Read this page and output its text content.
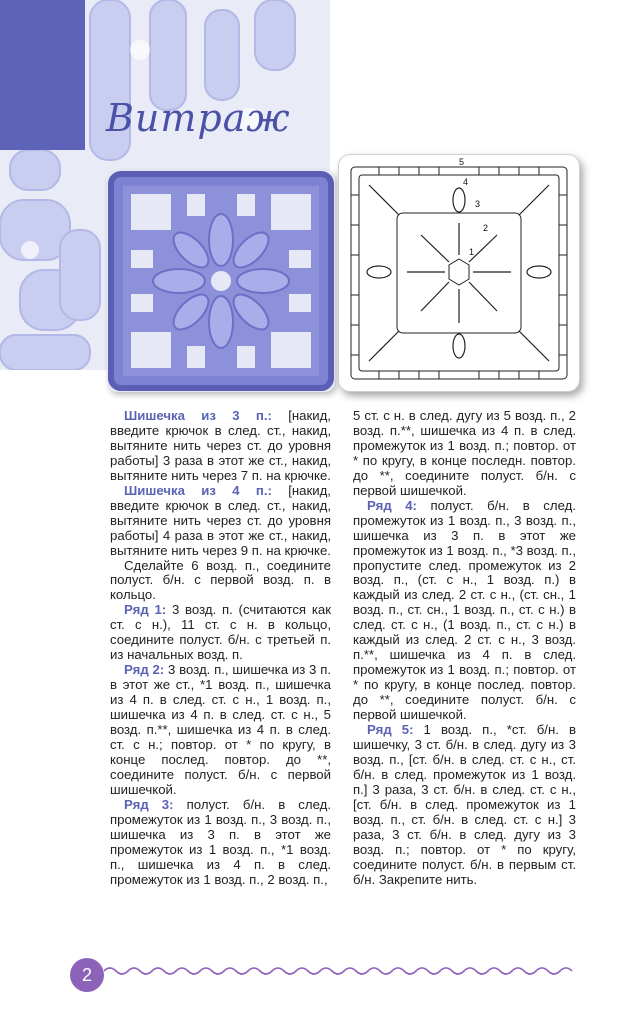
Витраж
5
4
3
2
1

Шишечка из 3 п.: [накид, введите крючок в след. ст., накид, вытяните нить через ст. до уровня работы] 3 раза в этот же ст., накид, вытяните нить через 7 п. на крючке.

Шишечка из 4 п.: [накид, введите крючок в след. ст., накид, вытяните нить через ст. до уровня работы] 4 раза в этот же ст., накид, вытяните нить через 9 п. на крючке.

Сделайте 6 возд. п., соедините полуст. б/н. с первой возд. п. в кольцо.

Ряд 1: 3 возд. п. (считаются как ст. с н.), 11 ст. с н. в кольцо, соедините полуст. б/н. с третьей п. из начальных возд. п.

Ряд 2: 3 возд. п., шишечка из 3 п. в этот же ст., *1 возд. п., шишечка из 4 п. в след. ст. с н., 1 возд. п., шишечка из 4 п. в след. ст. с н., 5 возд. п.**, шишечка из 4 п. в след. ст. с н.; повтор. от * по кругу, в конце послед. повтор. до **, соедините полуст. б/н. с первой шишечкой.

Ряд 3: полуст. б/н. в след. промежуток из 1 возд. п., 3 возд. п., шишечка из 3 п. в этот же промежуток из 1 возд. п., *1 возд. п., шишечка из 4 п. в след. промежуток из 1 возд. п., 2 возд. п.,

5 ст. с н. в след. дугу из 5 возд. п., 2 возд. п.**, шишечка из 4 п. в след. промежуток из 1 возд. п.; повтор. от * по кругу, в конце последн. повтор. до **, соедините полуст. б/н. с первой шишечкой.

Ряд 4: полуст. б/н. в след. промежуток из 1 возд. п., 3 возд. п., шишечка из 3 п. в этот же промежуток из 1 возд. п., *3 возд. п., пропустите след. промежуток из 2 возд. п., (ст. с н., 1 возд. п.) в каждый из след. 2 ст. с н., (ст. сн., 1 возд. п., ст. сн., 1 возд. п., ст. с н.) в след. ст. с н., (1 возд. п., ст. с н.) в каждый из след. 2 ст. с н., 3 возд. п.**, шишечка из 4 п. в след. промежуток из 1 возд. п.; повтор. от * по кругу, в конце послед. повтор. до **, соедините полуст. б/н. с первой шишечкой.

Ряд 5: 1 возд. п., *ст. б/н. в шишечку, 3 ст. б/н. в след. дугу из 3 возд. п., [ст. б/н. в след. ст. с н., ст. б/н. в след. промежуток из 1 возд. п.] 3 раза, 3 ст. б/н. в след. ст. с н., [ст. б/н. в след. промежуток из 1 возд. п., ст. б/н. в след. ст. с н.] 3 раза, 3 ст. б/н. в след. дугу из 3 возд. п.; повтор. от * по кругу, соедините полуст. б/н. в первым ст. б/н. Закрепите нить.

2
